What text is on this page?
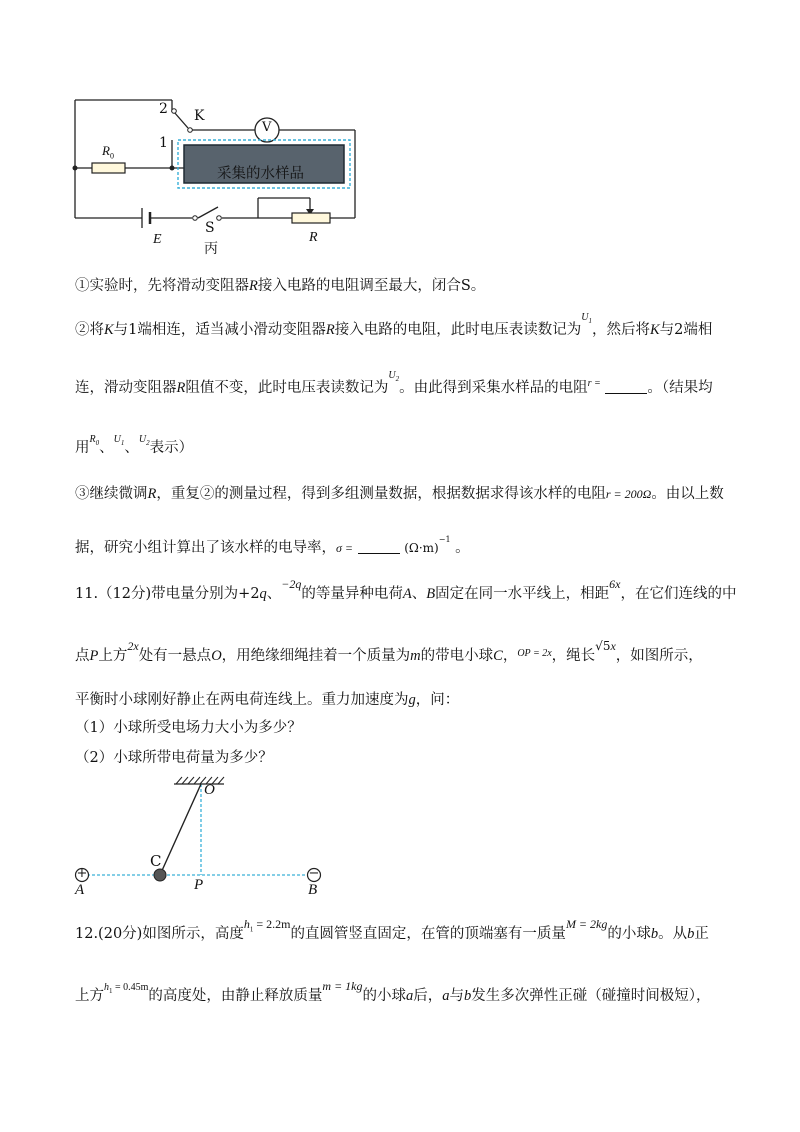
2 K
V
1
$R_0$
采集的水样品
E
S
R
丙
①实验时，先将滑动变阻器R接入电路的电阻调至最大，闭合S。
②将K与1端相连，适当减小滑动变阻器R接入电路的电阻，此时电压表读数记为$^{U_1}$，然后将K与2端相
连，滑动变阻器R阻值不变，此时电压表读数记为$^{U_2}$。由此得到采集水样品的电阻$^{r =}$	。（结果均
用$^{R_0}$、$^{U_1}$、$^{U_2}$表示）
③继续微调R，重复②的测量过程，得到多组测量数据，根据数据求得该水样的电阻r = 200Ω。由以上数
据，研究小组计算出了该水样的电导率，σ =	$(\Omega\cdot m)^{-1}$ 。
11.（12分)带电量分别为+2q、$^{-2q}$的等量异种电荷A、B固定在同一水平线上，相距$^{6x}$，在它们连线的中
点P上方$^{2x}$处有一悬点O，用绝缘细绳挂着一个质量为m的带电小球C，$^{OP = 2x}$，绳长$^{√5x}$，如图所示，
平衡时小球刚好静止在两电荷连线上。重力加速度为g，问：
（1）小球所受电场力大小为多少？
（2）小球所带电荷量为多少？
+	−
O
C
A	P	B
12.(20分)如图所示，高度$^{h_1 = 2.2m}$的直圆管竖直固定，在管的顶端塞有一质量$^{M = 2kg}$的小球b。从b正
上方$^{h_1 = 0.45m}$的高度处，由静止释放质量$^{m = 1kg}$的小球a后，a与b发生多次弹性正碰（碰撞时间极短），
